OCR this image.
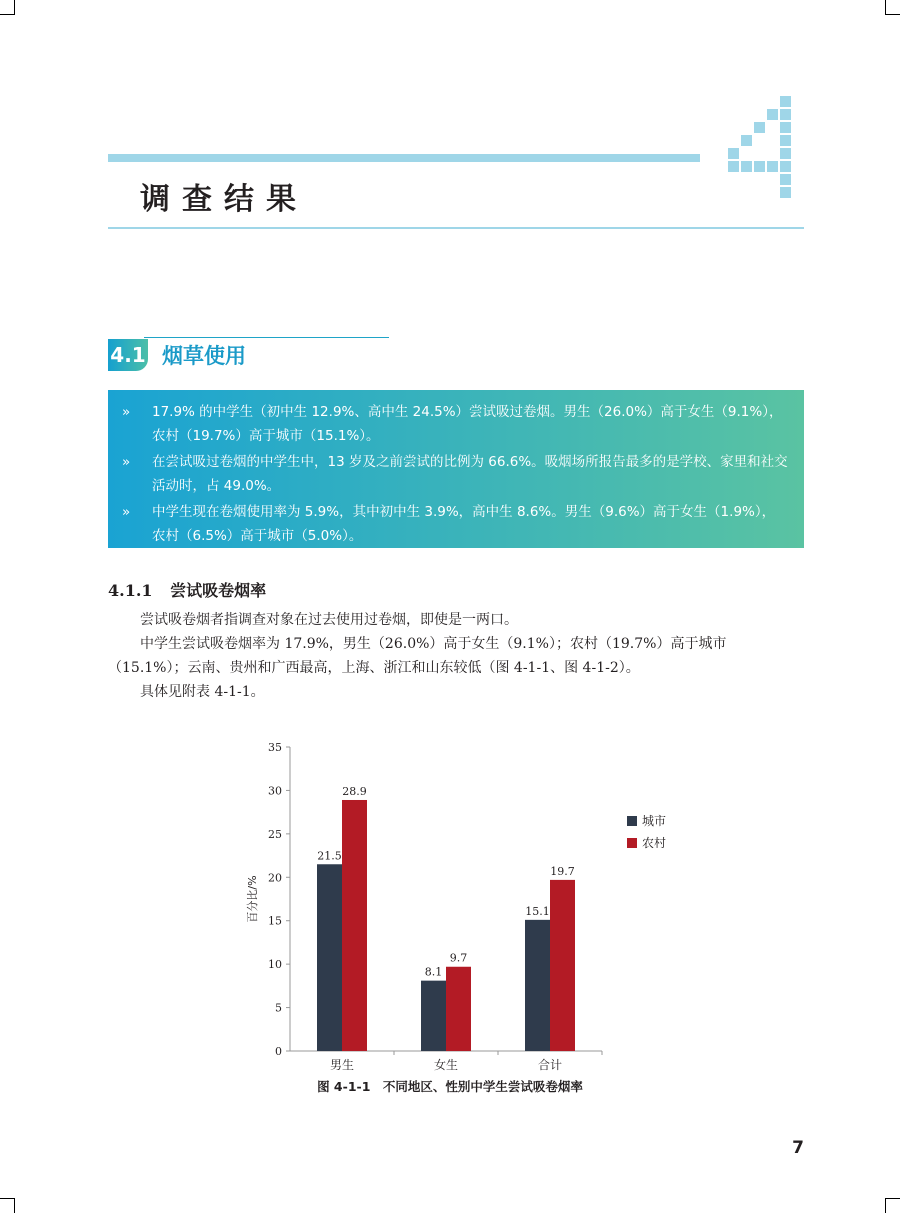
调查结果
4.1 烟草使用
» 17.9% 的中学生（初中生 12.9%、高中生 24.5%）尝试吸过卷烟。男生（26.0%）高于女生（9.1%），农村（19.7%）高于城市（15.1%）。
» 在尝试吸过卷烟的中学生中，13 岁及之前尝试的比例为 66.6%。吸烟场所报告最多的是学校、家里和社交活动时，占 49.0%。
» 中学生现在卷烟使用率为 5.9%，其中初中生 3.9%，高中生 8.6%。男生（9.6%）高于女生（1.9%），农村（6.5%）高于城市（5.0%）。
4.1.1 尝试吸卷烟率
尝试吸卷烟者指调查对象在过去使用过卷烟，即使是一两口。
中学生尝试吸卷烟率为 17.9%，男生（26.0%）高于女生（9.1%）；农村（19.7%）高于城市（15.1%）；云南、贵州和广西最高，上海、浙江和山东较低（图 4-1-1、图 4-1-2）。
具体见附表 4-1-1。
0
5
10
15
20
25
30
35
百分比/%
21.5
28.9
男生
8.1
9.7
女生
15.1
19.7
合计
城市
农村
图 4-1-1　不同地区、性别中学生尝试吸卷烟率
7
